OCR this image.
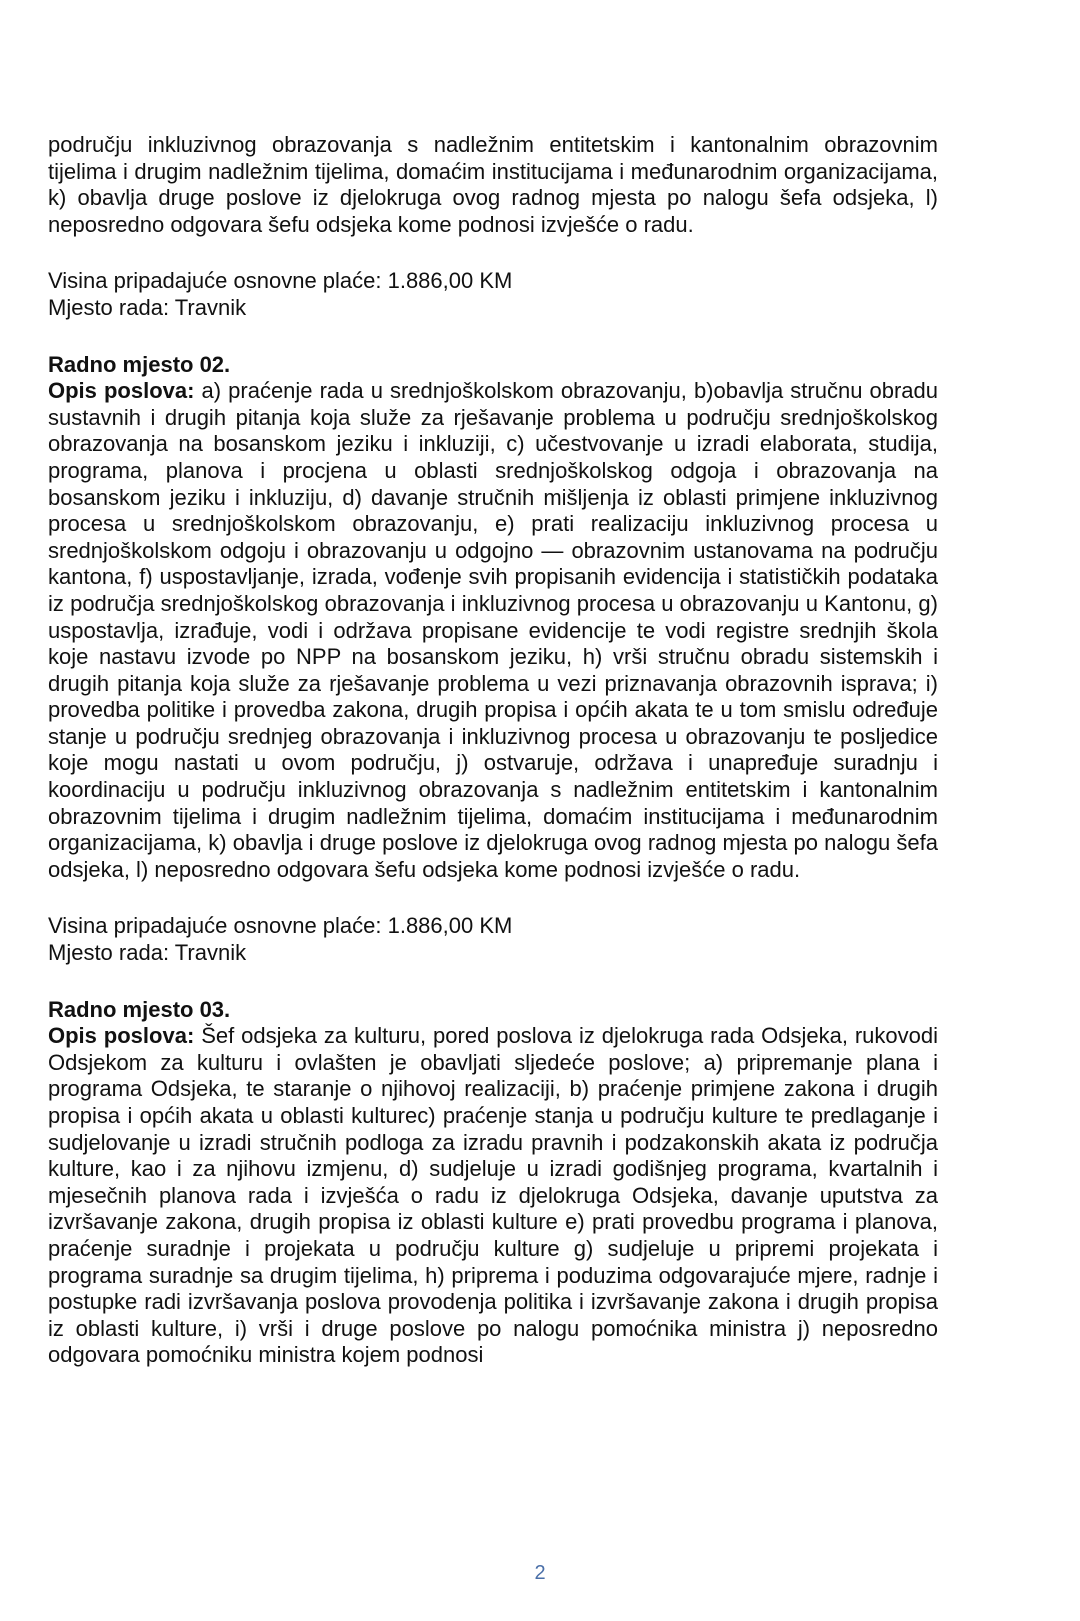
području inkluzivnog obrazovanja s nadležnim entitetskim i kantonalnim obrazovnim tijelima i drugim nadležnim tijelima, domaćim institucijama i međunarodnim organizacijama, k) obavlja druge poslove iz djelokruga ovog radnog mjesta po nalogu šefa odsjeka, l) neposredno odgovara šefu odsjeka kome podnosi izvješće o radu.

Visina pripadajuće osnovne plaće: 1.886,00 KM

Mjesto rada: Travnik

Radno mjesto 02.

Opis poslova: a) praćenje rada u srednjoškolskom obrazovanju, b)obavlja stručnu obradu sustavnih i drugih pitanja koja služe za rješavanje problema u području srednjoškolskog obrazovanja na bosanskom jeziku i inkluziji, c) učestvovanje u izradi elaborata, studija, programa, planova i procjena u oblasti srednjoškolskog odgoja i obrazovanja na bosanskom jeziku i inkluziju, d) davanje stručnih mišljenja iz oblasti primjene inkluzivnog procesa u srednjoškolskom obrazovanju, e) prati realizaciju inkluzivnog procesa u srednjoškolskom odgoju i obrazovanju u odgojno — obrazovnim ustanovama na području kantona, f) uspostavljanje, izrada, vođenje svih propisanih evidencija i statističkih podataka iz područja srednjoškolskog obrazovanja i inkluzivnog procesa u obrazovanju u Kantonu, g) uspostavlja, izrađuje, vodi i održava propisane evidencije te vodi registre srednjih škola koje nastavu izvode po NPP na bosanskom jeziku, h) vrši stručnu obradu sistemskih i drugih pitanja koja služe za rješavanje problema u vezi priznavanja obrazovnih isprava; i) provedba politike i provedba zakona, drugih propisa i općih akata te u tom smislu određuje stanje u području srednjeg obrazovanja i inkluzivnog procesa u obrazovanju te posljedice koje mogu nastati u ovom području, j) ostvaruje, održava i unapređuje suradnju i koordinaciju u području inkluzivnog obrazovanja s nadležnim entitetskim i kantonalnim obrazovnim tijelima i drugim nadležnim tijelima, domaćim institucijama i međunarodnim organizacijama, k) obavlja i druge poslove iz djelokruga ovog radnog mjesta po nalogu šefa odsjeka, l) neposredno odgovara šefu odsjeka kome podnosi izvješće o radu.

Visina pripadajuće osnovne plaće: 1.886,00 KM

Mjesto rada: Travnik

Radno mjesto 03.

Opis poslova: Šef odsjeka za kulturu, pored poslova iz djelokruga rada Odsjeka, rukovodi Odsjekom za kulturu i ovlašten je obavljati sljedeće poslove; a) pripremanje plana i programa Odsjeka, te staranje o njihovoj realizaciji, b) praćenje primjene zakona i drugih propisa i općih akata u oblasti kulturec) praćenje stanja u području kulture te predlaganje i sudjelovanje u izradi stručnih podloga za izradu pravnih i podzakonskih akata iz područja kulture, kao i za njihovu izmjenu, d) sudjeluje u izradi godišnjeg programa, kvartalnih i mjesečnih planova rada i izvješća o radu iz djelokruga Odsjeka, davanje uputstva za izvršavanje zakona, drugih propisa iz oblasti kulture e) prati provedbu programa i planova, praćenje suradnje i projekata u području kulture g) sudjeluje u pripremi projekata i programa suradnje sa drugim tijelima, h) priprema i poduzima odgovarajuće mjere, radnje i postupke radi izvršavanja poslova provodenja politika i izvršavanje zakona i drugih propisa iz oblasti kulture, i) vrši i druge poslove po nalogu pomoćnika ministra j) neposredno odgovara pomoćniku ministra kojem podnosi

2
